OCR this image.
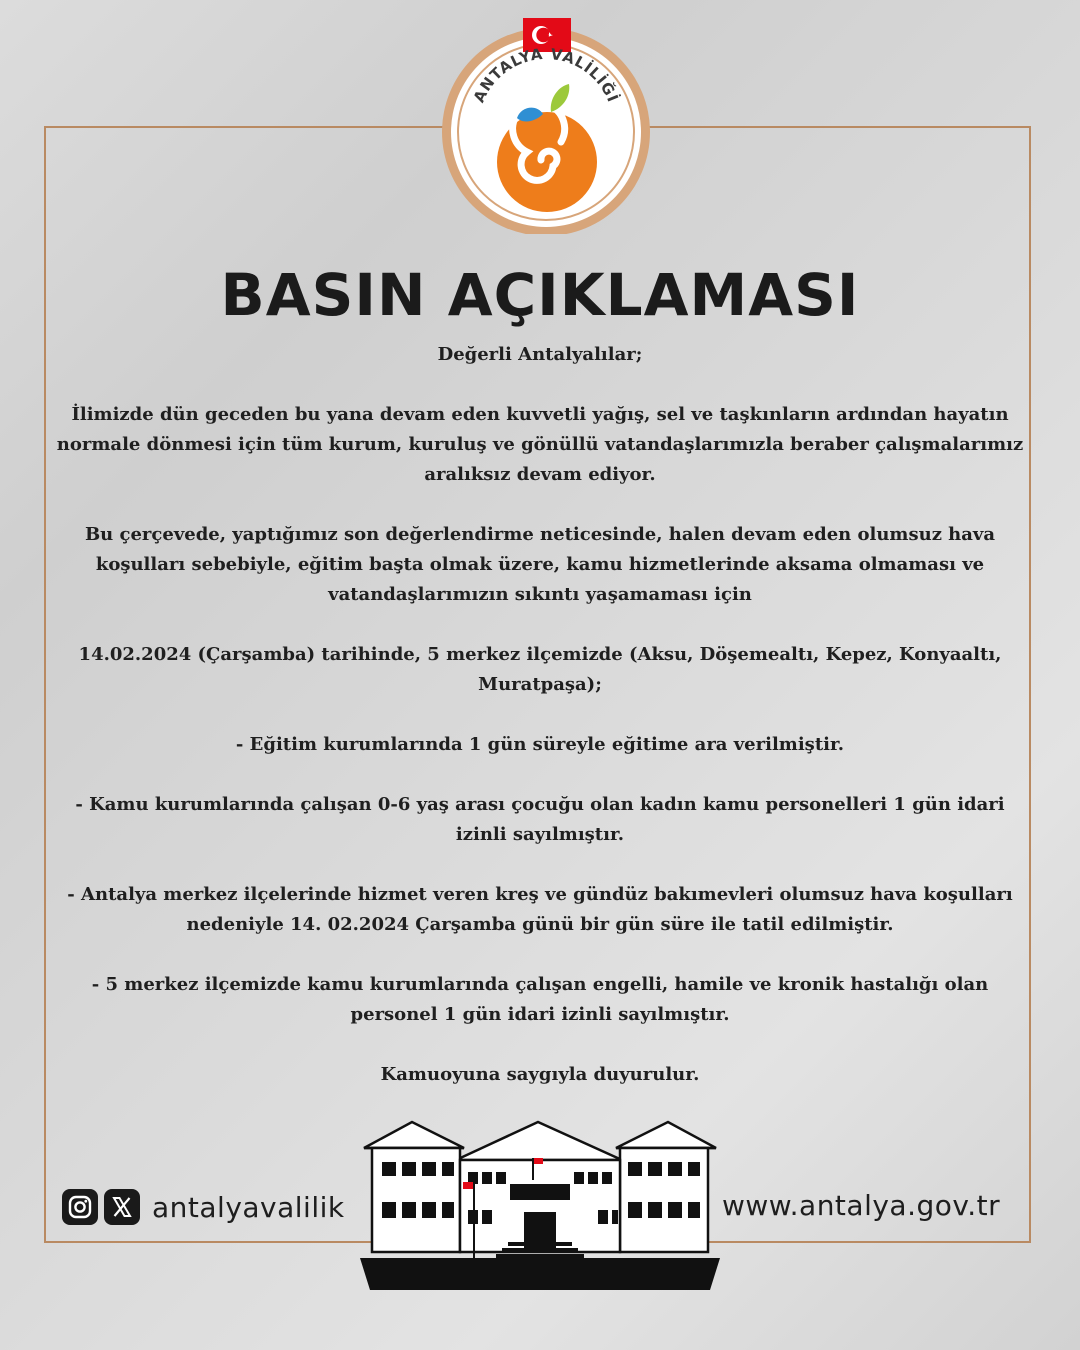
ANTALYA VALİLİĞİ
BASIN AÇIKLAMASI

Değerli Antalyalılar;

İlimizde dün geceden bu yana devam eden kuvvetli yağış, sel ve taşkınların ardından hayatın normale dönmesi için tüm kurum, kuruluş ve gönüllü vatandaşlarımızla beraber çalışmalarımız aralıksız devam ediyor.

Bu çerçevede, yaptığımız son değerlendirme neticesinde, halen devam eden olumsuz hava koşulları sebebiyle, eğitim başta olmak üzere, kamu hizmetlerinde aksama olmaması ve vatandaşlarımızın sıkıntı yaşamaması için

14.02.2024 (Çarşamba) tarihinde, 5 merkez ilçemizde (Aksu, Döşemealtı, Kepez, Konyaaltı, Muratpaşa);

- Eğitim kurumlarında 1 gün süreyle eğitime ara verilmiştir.

- Kamu kurumlarında çalışan 0-6 yaş arası çocuğu olan kadın kamu personelleri 1 gün idari izinli sayılmıştır.

- Antalya merkez ilçelerinde hizmet veren kreş ve gündüz bakımevleri olumsuz hava koşulları nedeniyle 14. 02.2024 Çarşamba günü bir gün süre ile tatil edilmiştir.

- 5 merkez ilçemizde kamu kurumlarında çalışan engelli, hamile ve kronik hastalığı olan personel 1 gün idari izinli sayılmıştır.

Kamuoyuna saygıyla duyurulur.

antalyavalilik	www.antalya.gov.tr
